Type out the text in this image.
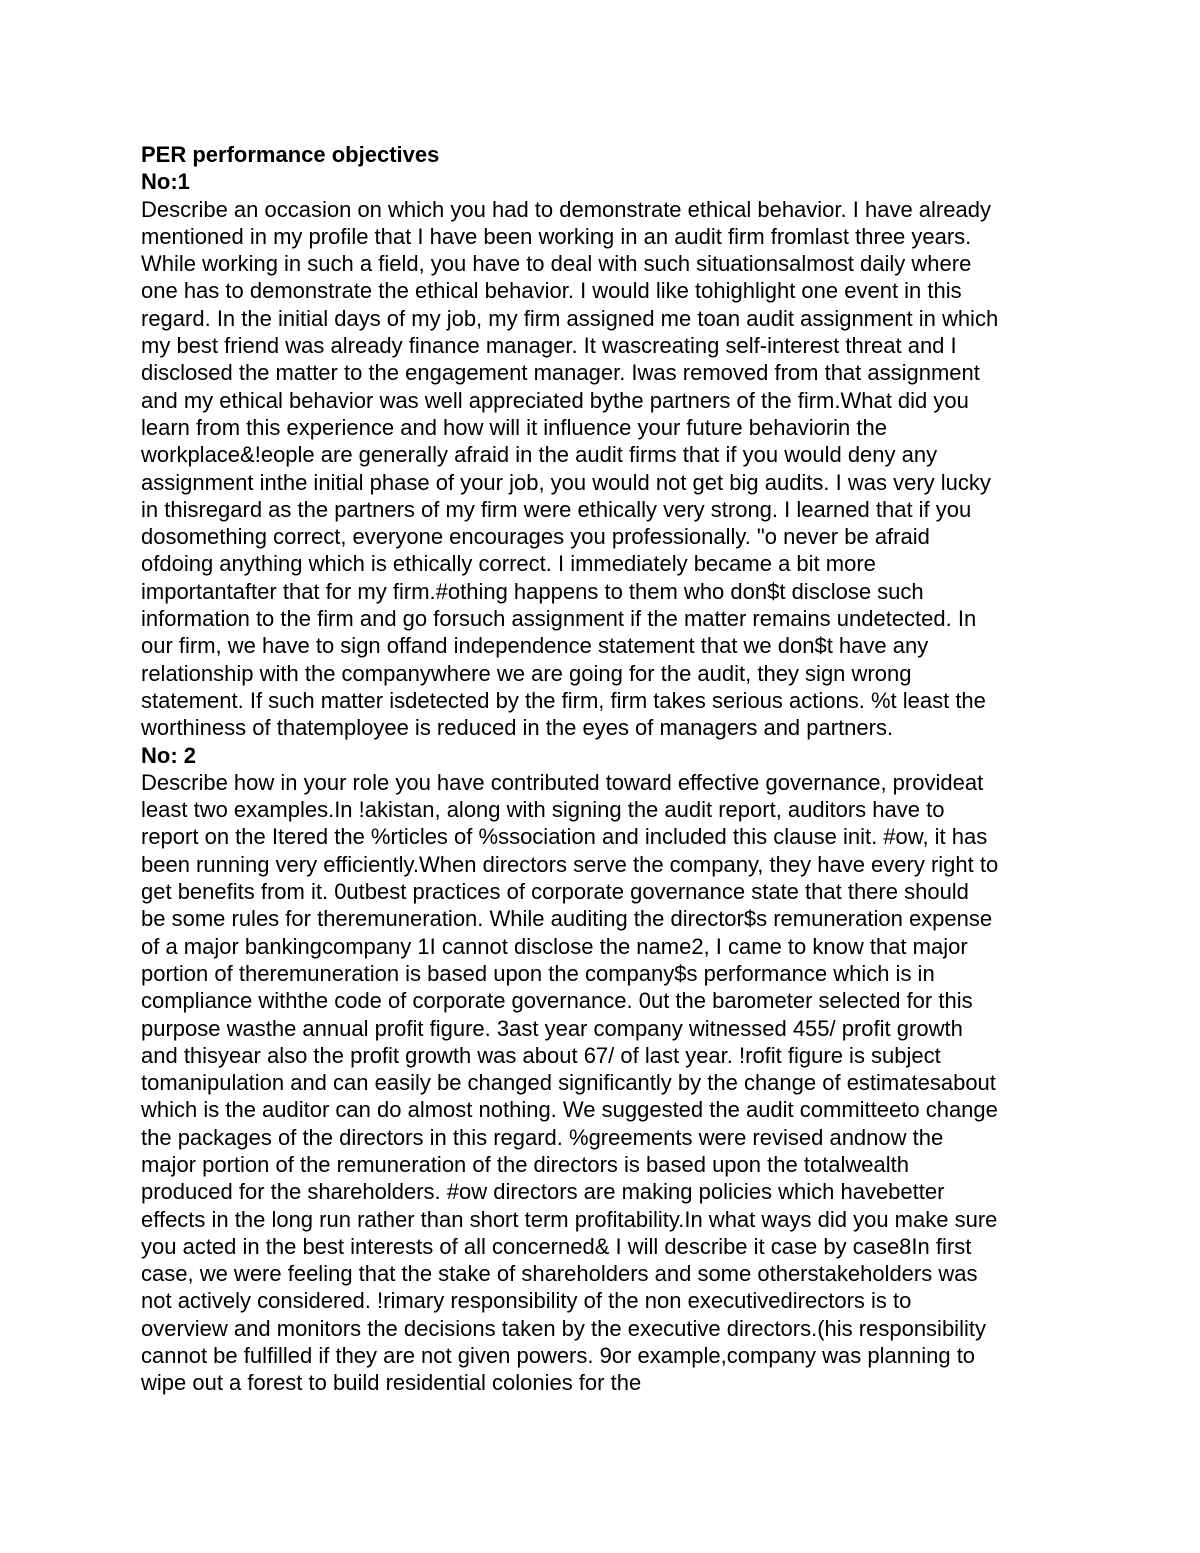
PER performance objectives
No:1

Describe an occasion on which you had to demonstrate ethical behavior. I have already
mentioned in my profile that I have been working in an audit firm fromlast three years.
While working in such a field, you have to deal with such situationsalmost daily where
one has to demonstrate the ethical behavior. I would like tohighlight one event in this
regard. In the initial days of my job, my firm assigned me toan audit assignment in which
my best friend was already finance manager. It wascreating self-interest threat and I
disclosed the matter to the engagement manager. Iwas removed from that assignment
and my ethical behavior was well appreciated bythe partners of the firm.What did you
learn from this experience and how will it influence your future behaviorin the
workplace&!eople are generally afraid in the audit firms that if you would deny any
assignment inthe initial phase of your job, you would not get big audits. I was very lucky
in thisregard as the partners of my firm were ethically very strong. I learned that if you
dosomething correct, everyone encourages you professionally. "o never be afraid
ofdoing anything which is ethically correct. I immediately became a bit more
importantafter that for my firm.#othing happens to them who don$t disclose such
information to the firm and go forsuch assignment if the matter remains undetected. In
our firm, we have to sign offand independence statement that we don$t have any
relationship with the companywhere we are going for the audit, they sign wrong
statement. If such matter isdetected by the firm, firm takes serious actions. %t least the
worthiness of thatemployee is reduced in the eyes of managers and partners.

No: 2

Describe how in your role you have contributed toward effective governance, provideat
least two examples.In !akistan, along with signing the audit report, auditors have to
report on the Itered the %rticles of %ssociation and included this clause init. #ow, it has
been running very efficiently.When directors serve the company, they have every right to
get benefits from it. 0utbest practices of corporate governance state that there should
be some rules for theremuneration. While auditing the director$s remuneration expense
of a major bankingcompany 1I cannot disclose the name2, I came to know that major
portion of theremuneration is based upon the company$s performance which is in
compliance withthe code of corporate governance. 0ut the barometer selected for this
purpose wasthe annual profit figure. 3ast year company witnessed 455/ profit growth
and thisyear also the profit growth was about 67/ of last year. !rofit figure is subject
tomanipulation and can easily be changed significantly by the change of estimatesabout
which is the auditor can do almost nothing. We suggested the audit committeeto change
the packages of the directors in this regard. %greements were revised andnow the
major portion of the remuneration of the directors is based upon the totalwealth
produced for the shareholders. #ow directors are making policies which havebetter
effects in the long run rather than short term profitability.In what ways did you make sure
you acted in the best interests of all concerned& I will describe it case by case8In first
case, we were feeling that the stake of shareholders and some otherstakeholders was
not actively considered. !rimary responsibility of the non executivedirectors is to
overview and monitors the decisions taken by the executive directors.(his responsibility
cannot be fulfilled if they are not given powers. 9or example,company was planning to
wipe out a forest to build residential colonies for the
